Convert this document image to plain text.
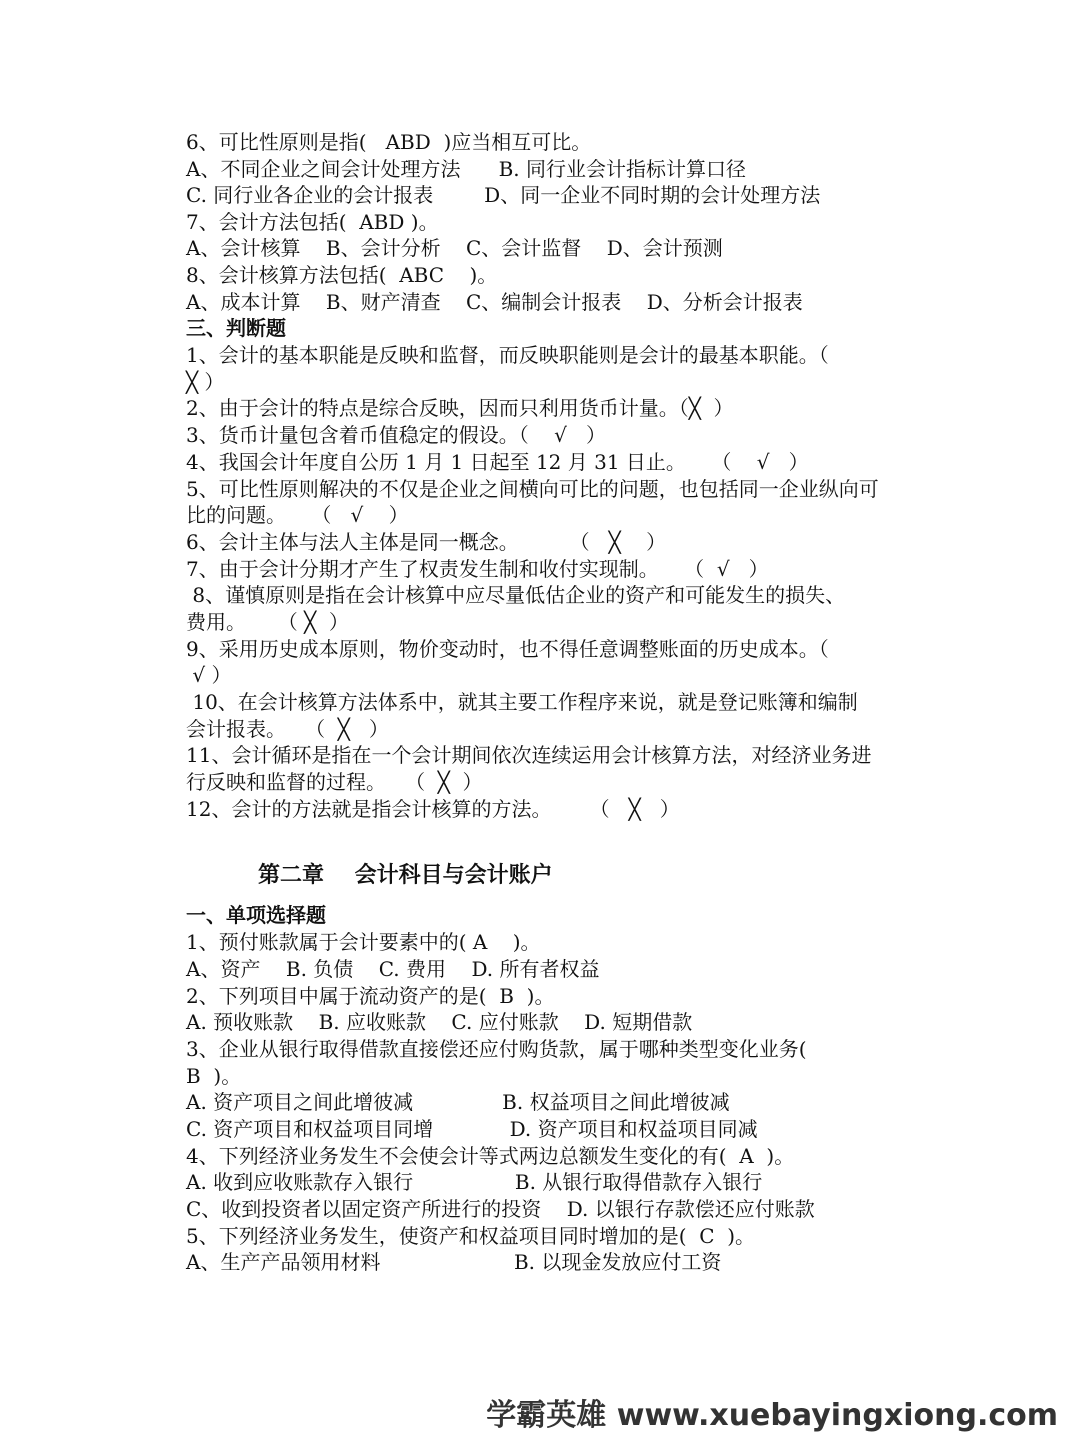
6、可比性原则是指(   ABD  )应当相互可比。
A、不同企业之间会计处理方法      B. 同行业会计指标计算口径
C. 同行业各企业的会计报表        D、同一企业不同时期的会计处理方法
7、会计方法包括(  ABD )。
A、会计核算    B、会计分析    C、会计监督    D、会计预测
8、会计核算方法包括(  ABC    )。
A、成本计算    B、财产清查    C、编制会计报表    D、分析会计报表
三、判断题
1、会计的基本职能是反映和监督，而反映职能则是会计的最基本职能。（
╳ ）
2、由于会计的特点是综合反映，因而只利用货币计量。（╳  ）
3、货币计量包含着币值稳定的假设。（    √   ）
4、我国会计年度自公历 1 月 1 日起至 12 月 31 日止。    （    √   ）
5、可比性原则解决的不仅是企业之间横向可比的问题，也包括同一企业纵向可
比的问题。    （   √    ）
6、会计主体与法人主体是同一概念。        （   ╳    ）
7、由于会计分期才产生了权责发生制和收付实现制。    （  √   ）
8、谨慎原则是指在会计核算中应尽量低估企业的资产和可能发生的损失、
费用。     （ ╳  ）
9、采用历史成本原则，物价变动时，也不得任意调整账面的历史成本。（
√ ）
10、在会计核算方法体系中，就其主要工作程序来说，就是登记账簿和编制
会计报表。   （  ╳   ）
11、会计循环是指在一个会计期间依次连续运用会计核算方法，对经济业务进
行反映和监督的过程。   （  ╳  ）
12、会计的方法就是指会计核算的方法。      （   ╳   ）
第二章    会计科目与会计账户
一、单项选择题
1、预付账款属于会计要素中的( A    )。
A、资产    B. 负债    C. 费用    D. 所有者权益
2、下列项目中属于流动资产的是(  B  )。
A. 预收账款    B. 应收账款    C. 应付账款    D. 短期借款
3、企业从银行取得借款直接偿还应付购货款，属于哪种类型变化业务(
B  )。
A. 资产项目之间此增彼减              B. 权益项目之间此增彼减
C. 资产项目和权益项目同增            D. 资产项目和权益项目同减
4、下列经济业务发生不会使会计等式两边总额发生变化的有(  A  )。
A. 收到应收账款存入银行                B. 从银行取得借款存入银行
C、收到投资者以固定资产所进行的投资    D. 以银行存款偿还应付账款
5、下列经济业务发生，使资产和权益项目同时增加的是(  C  )。
A、生产产品领用材料                     B. 以现金发放应付工资
学霸英雄 www.xuebayingxiong.com
